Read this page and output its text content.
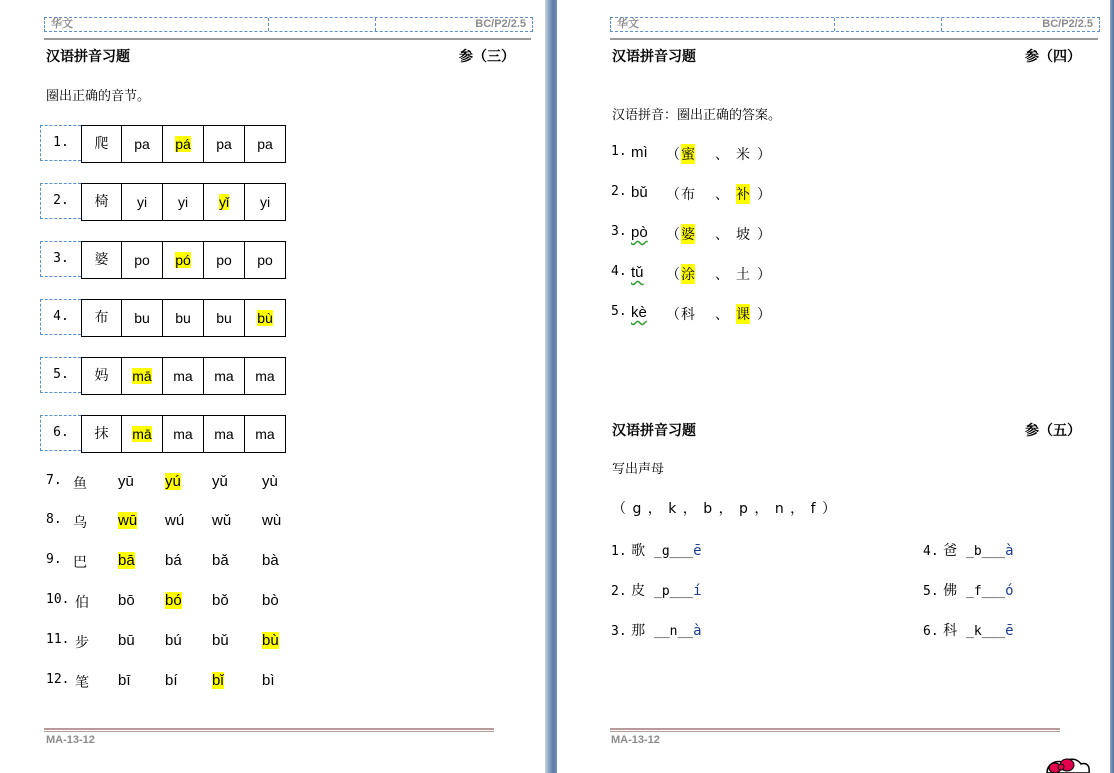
华文	BC/P2/2.5
汉语拼音习题	参（三）
圈出正确的音节。
1.	爬	pa	pá	pa	pa
2.	椅	yi	yi	yǐ	yi
3.	婆	po	pó	po	po
4.	布	bu	bu	bu	bù
5.	妈	mā	ma	ma	ma
6.	抹	mā	ma	ma	ma
7. 鱼 yū yú yǔ yù
8. 乌 wū wú wǔ wù
9. 巴 bā bá bǎ bà
10. 伯 bō bó bǒ bò
11. 步 bū bú bǔ bù
12. 笔 bī bí bǐ	bì
MA-13-12
华文	BC/P2/2.5
汉语拼音习题	参（四）
汉语拼音：圈出正确的答案。
1. mì （ 蜜 、 米 ）
2. bǔ （ 布 、 补 ）
3. pò （ 婆 、 坡 ）
4. tǔ （ 涂 、 土 ）
5. kè （ 科 、 课 ）
汉语拼音习题	参（五）
写出声母
（ g ， k ， b ， p ， n ， f ）
1. 歌 _g___ē
2. 皮 _p___í
3. 那 __n__à
4. 爸 _b___à
5. 佛 _f___ó
6. 科 _k___ē
MA-13-12
